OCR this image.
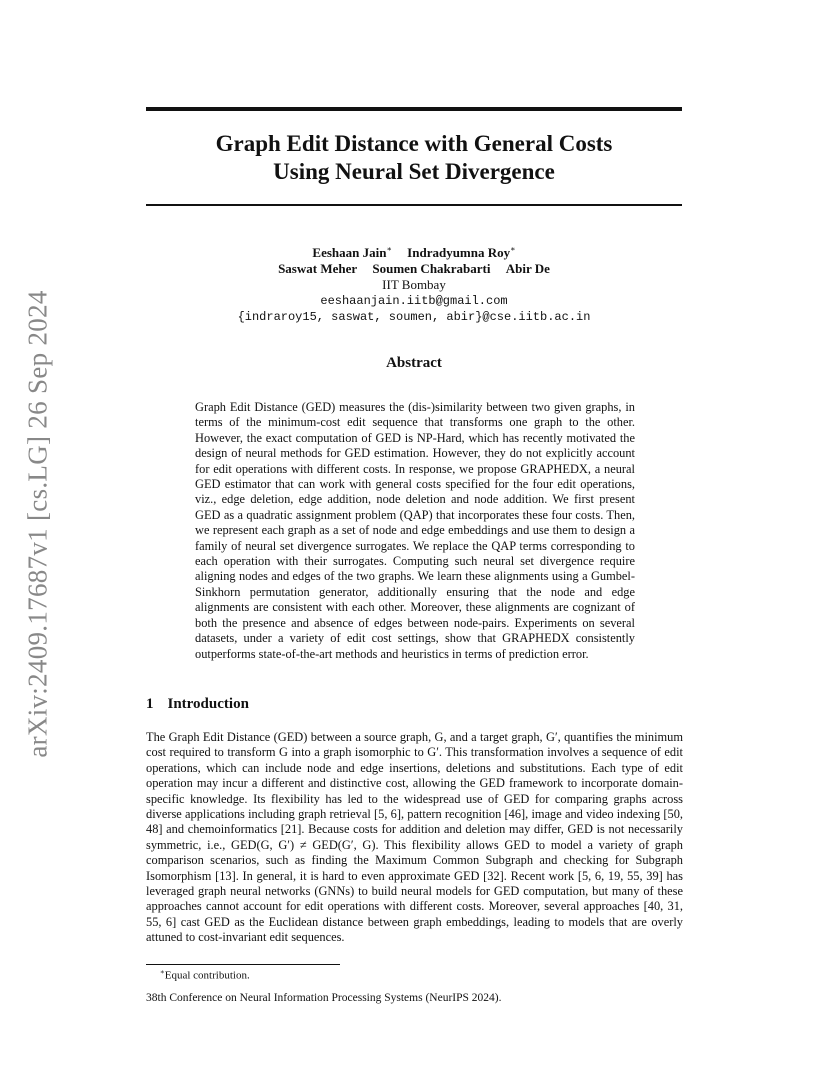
arXiv:2409.17687v1 [cs.LG] 26 Sep 2024
Graph Edit Distance with General Costs
Using Neural Set Divergence
Eeshaan Jain∗ Indradyumna Roy∗
Saswat Meher Soumen Chakrabarti Abir De
IIT Bombay
eeshaanjain.iitb@gmail.com
{indraroy15, saswat, soumen, abir}@cse.iitb.ac.in
Abstract

Graph Edit Distance (GED) measures the (dis-)similarity between two given graphs, in terms of the minimum-cost edit sequence that transforms one graph to the other. However, the exact computation of GED is NP-Hard, which has recently motivated the design of neural methods for GED estimation. However, they do not explicitly account for edit operations with different costs. In response, we propose GRAPHEDX, a neural GED estimator that can work with general costs specified for the four edit operations, viz., edge deletion, edge addition, node deletion and node addition. We first present GED as a quadratic assignment problem (QAP) that incorporates these four costs. Then, we represent each graph as a set of node and edge embeddings and use them to design a family of neural set divergence surrogates. We replace the QAP terms corresponding to each operation with their surrogates. Computing such neural set divergence require aligning nodes and edges of the two graphs. We learn these alignments using a Gumbel-Sinkhorn permutation generator, additionally ensuring that the node and edge alignments are consistent with each other. Moreover, these alignments are cognizant of both the presence and absence of edges between node-pairs. Experiments on several datasets, under a variety of edit cost settings, show that GRAPHEDX consistently outperforms state-of-the-art methods and heuristics in terms of prediction error.

1 Introduction

The Graph Edit Distance (GED) between a source graph, G, and a target graph, G′, quantifies the minimum cost required to transform G into a graph isomorphic to G′. This transformation involves a sequence of edit operations, which can include node and edge insertions, deletions and substitutions. Each type of edit operation may incur a different and distinctive cost, allowing the GED framework to incorporate domain-specific knowledge. Its flexibility has led to the widespread use of GED for comparing graphs across diverse applications including graph retrieval [5, 6], pattern recognition [46], image and video indexing [50, 48] and chemoinformatics [21]. Because costs for addition and deletion may differ, GED is not necessarily symmetric, i.e., GED(G, G′) ≠ GED(G′, G). This flexibility allows GED to model a variety of graph comparison scenarios, such as finding the Maximum Common Subgraph and checking for Subgraph Isomorphism [13]. In general, it is hard to even approximate GED [32]. Recent work [5, 6, 19, 55, 39] has leveraged graph neural networks (GNNs) to build neural models for GED computation, but many of these approaches cannot account for edit operations with different costs. Moreover, several approaches [40, 31, 55, 6] cast GED as the Euclidean distance between graph embeddings, leading to models that are overly attuned to cost-invariant edit sequences.

∗Equal contribution.
38th Conference on Neural Information Processing Systems (NeurIPS 2024).
